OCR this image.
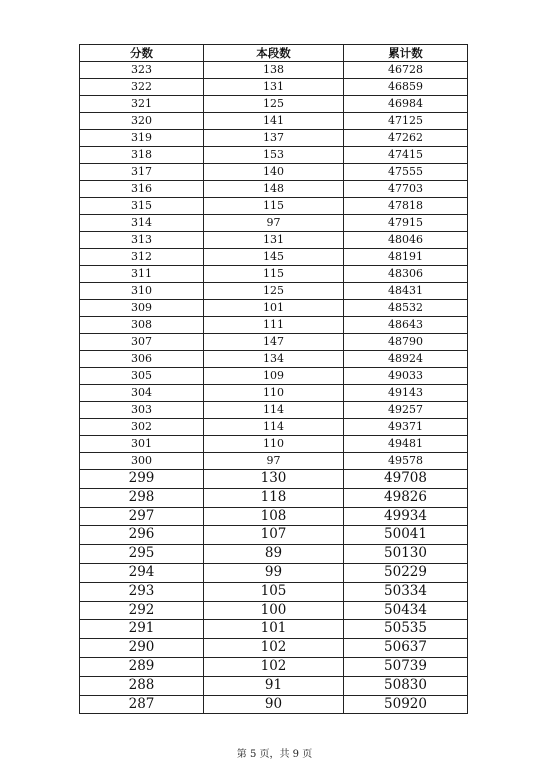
分数	本段数	累计数
323	138	46728
322	131	46859
321	125	46984
320	141	47125
319	137	47262
318	153	47415
317	140	47555
316	148	47703
315	115	47818
314	97	47915
313	131	48046
312	145	48191
311	115	48306
310	125	48431
309	101	48532
308	111	48643
307	147	48790
306	134	48924
305	109	49033
304	110	49143
303	114	49257
302	114	49371
301	110	49481
300	97	49578
299	130	49708
298	118	49826
297	108	49934
296	107	50041
295	89	50130
294	99	50229
293	105	50334
292	100	50434
291	101	50535
290	102	50637
289	102	50739
288	91	50830
287	90	50920
第 5 页，共 9 页
